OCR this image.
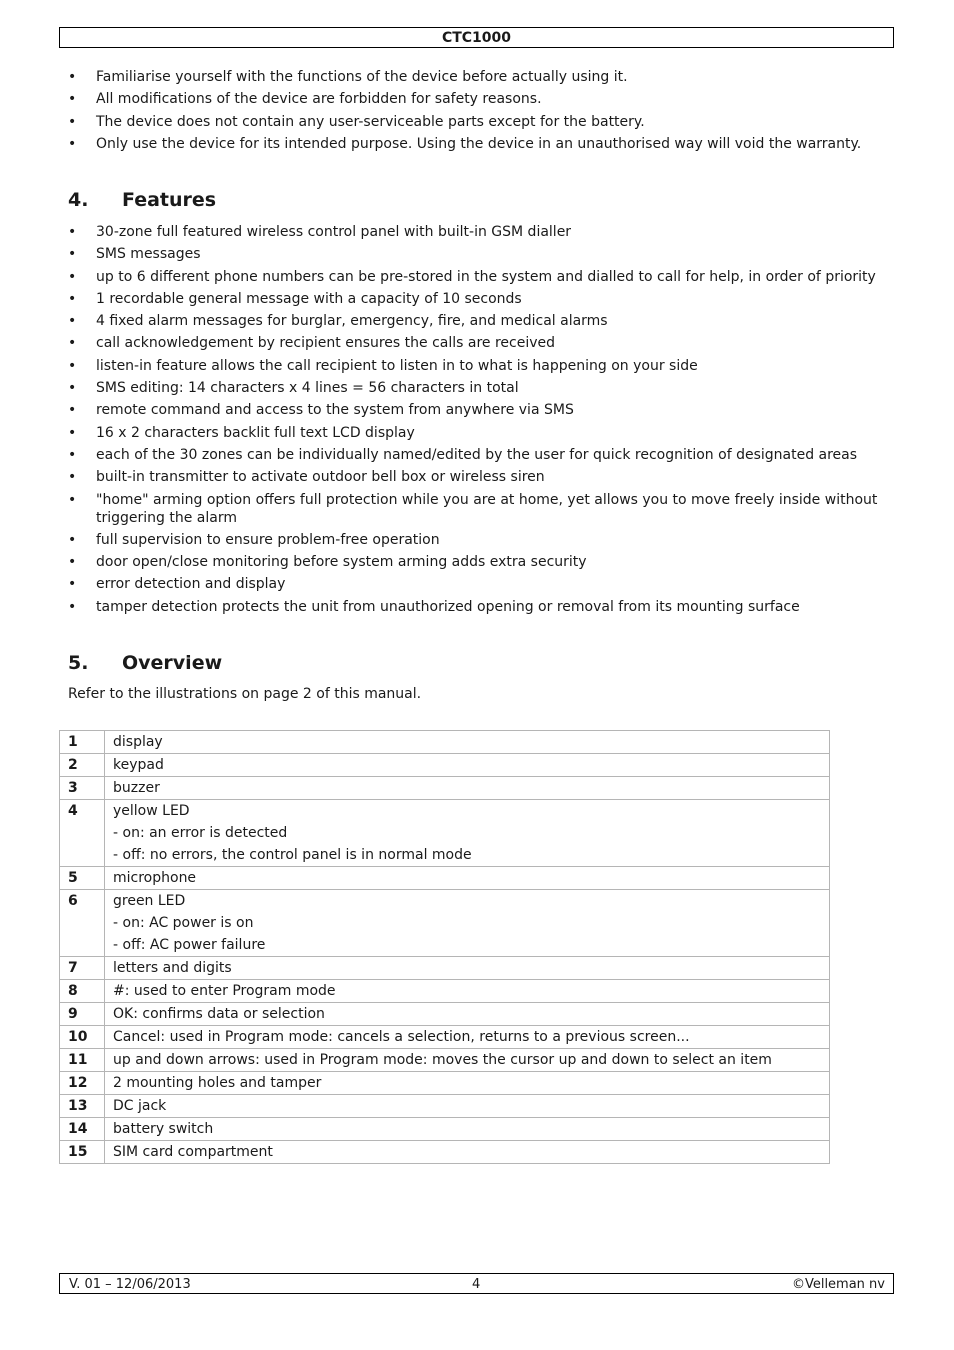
CTC1000
• Familiarise yourself with the functions of the device before actually using it.
• All modifications of the device are forbidden for safety reasons.
• The device does not contain any user-serviceable parts except for the battery.
• Only use the device for its intended purpose. Using the device in an unauthorised way will void the warranty.
4. Features
• 30-zone full featured wireless control panel with built-in GSM dialler
• SMS messages
• up to 6 different phone numbers can be pre-stored in the system and dialled to call for help, in order of priority
• 1 recordable general message with a capacity of 10 seconds
• 4 fixed alarm messages for burglar, emergency, fire, and medical alarms
• call acknowledgement by recipient ensures the calls are received
• listen-in feature allows the call recipient to listen in to what is happening on your side
• SMS editing: 14 characters x 4 lines = 56 characters in total
• remote command and access to the system from anywhere via SMS
• 16 x 2 characters backlit full text LCD display
• each of the 30 zones can be individually named/edited by the user for quick recognition of designated areas
• built-in transmitter to activate outdoor bell box or wireless siren
• "home" arming option offers full protection while you are at home, yet allows you to move freely inside without triggering the alarm
• full supervision to ensure problem-free operation
• door open/close monitoring before system arming adds extra security
• error detection and display
• tamper detection protects the unit from unauthorized opening or removal from its mounting surface
5. Overview

Refer to the illustrations on page 2 of this manual.

1	display

2	keypad

3	buzzer

4	yellow LED
- on: an error is detected
- off: no errors, the control panel is in normal mode

5	microphone

6	green LED
- on: AC power is on
- off: AC power failure

7	letters and digits

8	#: used to enter Program mode

9	OK: confirms data or selection

10	Cancel: used in Program mode: cancels a selection, returns to a previous screen...

11	up and down arrows: used in Program mode: moves the cursor up and down to select an item

12	2 mounting holes and tamper

13	DC jack

14	battery switch

15	SIM card compartment
V. 01 – 12/06/2013	4	©Velleman nv
